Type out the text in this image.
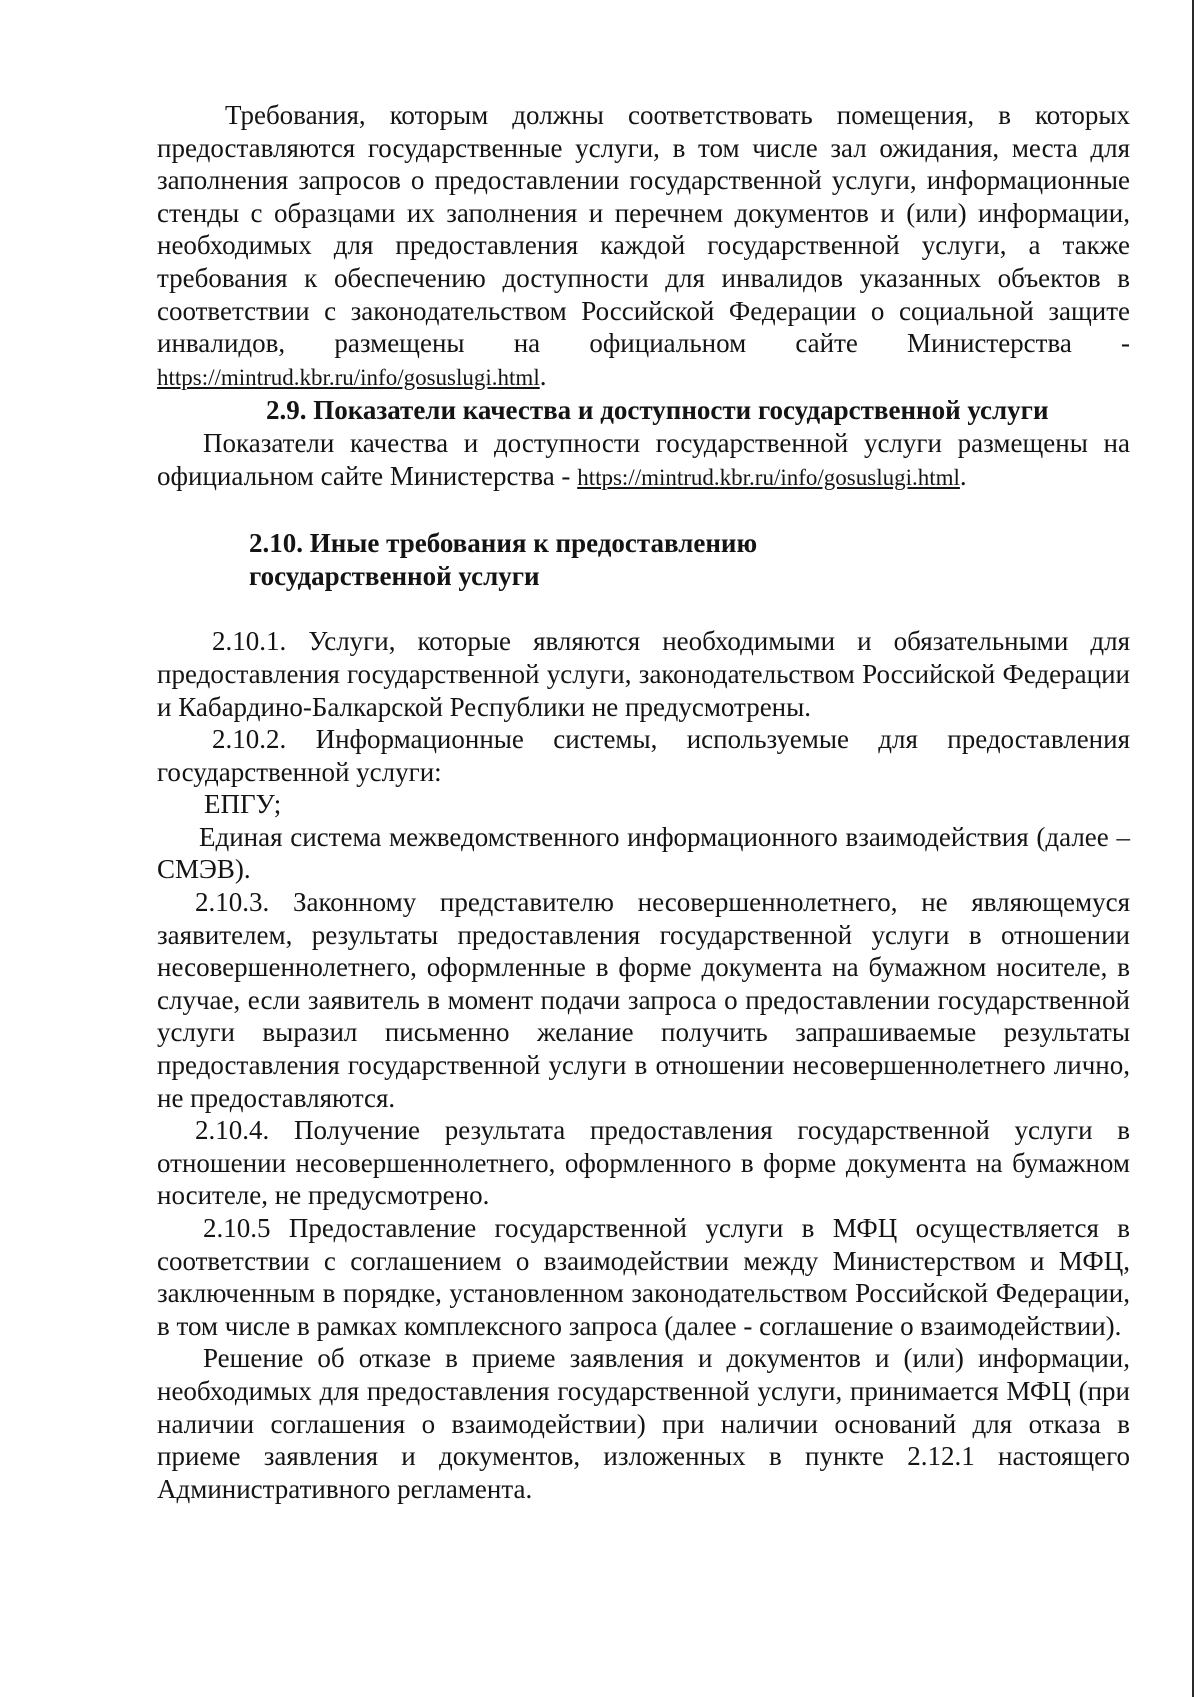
Требования, которым должны соответствовать помещения, в которых предоставляются государственные услуги, в том числе зал ожидания, места для заполнения запросов о предоставлении государственной услуги, информационные стенды с образцами их заполнения и перечнем документов и (или) информации, необходимых для предоставления каждой государственной услуги, а также требования к обеспечению доступности для инвалидов указанных объектов в соответствии с законодательством Российской Федерации о социальной защите инвалидов, размещены на официальном сайте Министерства - https://mintrud.kbr.ru/info/gosuslugi.html.

2.9. Показатели качества и доступности государственной услуги

Показатели качества и доступности государственной услуги размещены на официальном сайте Министерства - https://mintrud.kbr.ru/info/gosuslugi.html.

2.10. Иные требования к предоставлению

государственной услуги

2.10.1. Услуги, которые являются необходимыми и обязательными для предоставления государственной услуги, законодательством Российской Федерации и Кабардино-Балкарской Республики не предусмотрены.

2.10.2. Информационные системы, используемые для предоставления государственной услуги:

ЕПГУ;

Единая система межведомственного информационного взаимодействия (далее – СМЭВ).

2.10.3. Законному представителю несовершеннолетнего, не являющемуся заявителем, результаты предоставления государственной услуги в отношении несовершеннолетнего, оформленные в форме документа на бумажном носителе, в случае, если заявитель в момент подачи запроса о предоставлении государственной услуги выразил письменно желание получить запрашиваемые результаты предоставления государственной услуги в отношении несовершеннолетнего лично, не предоставляются.

2.10.4. Получение результата предоставления государственной услуги в отношении несовершеннолетнего, оформленного в форме документа на бумажном носителе, не предусмотрено.

2.10.5 Предоставление государственной услуги в МФЦ осуществляется в соответствии с соглашением о взаимодействии между Министерством и МФЦ, заключенным в порядке, установленном законодательством Российской Федерации, в том числе в рамках комплексного запроса (далее - соглашение о взаимодействии).

Решение об отказе в приеме заявления и документов и (или) информации, необходимых для предоставления государственной услуги, принимается МФЦ (при наличии соглашения о взаимодействии) при наличии оснований для отказа в приеме заявления и документов, изложенных в пункте 2.12.1 настоящего Административного регламента.
